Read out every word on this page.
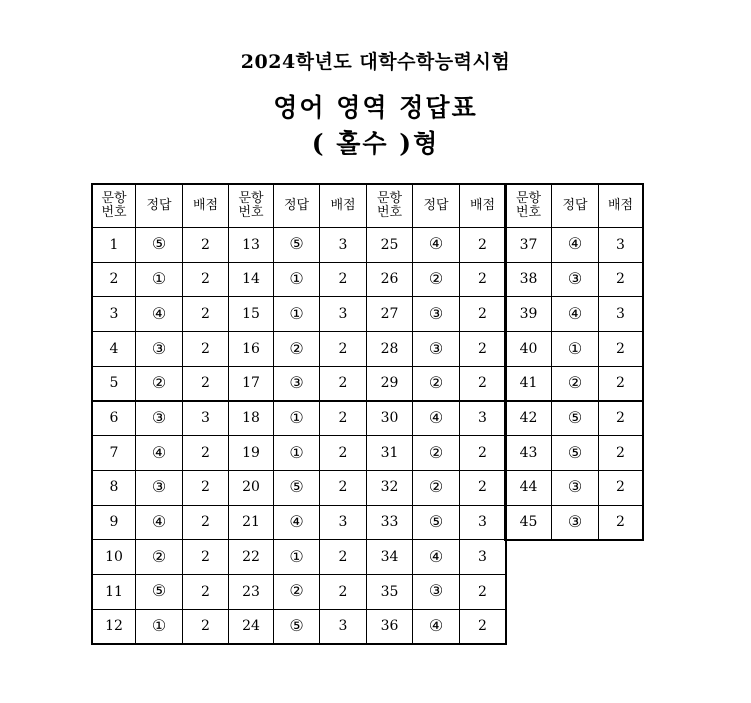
2024학년도 대학수학능력시험
영어 영역 정답표
( 홀수 )형
문항
번호	정답	배점
1	⑤	2
2	①	2
3	④	2
4	③	2
5	②	2
6	③	3
7	④	2
8	③	2
9	④	2
10	②	2
11	⑤	2
12	①	2
문항
번호	정답	배점
13	⑤	3
14	①	2
15	①	3
16	②	2
17	③	2
18	①	2
19	①	2
20	⑤	2
21	④	3
22	①	2
23	②	2
24	⑤	3
문항
번호	정답	배점
25	④	2
26	②	2
27	③	2
28	③	2
29	②	2
30	④	3
31	②	2
32	②	2
33	⑤	3
34	④	3
35	③	2
36	④	2
문항
번호	정답	배점
37	④	3
38	③	2
39	④	3
40	①	2
41	②	2
42	⑤	2
43	⑤	2
44	③	2
45	③	2
